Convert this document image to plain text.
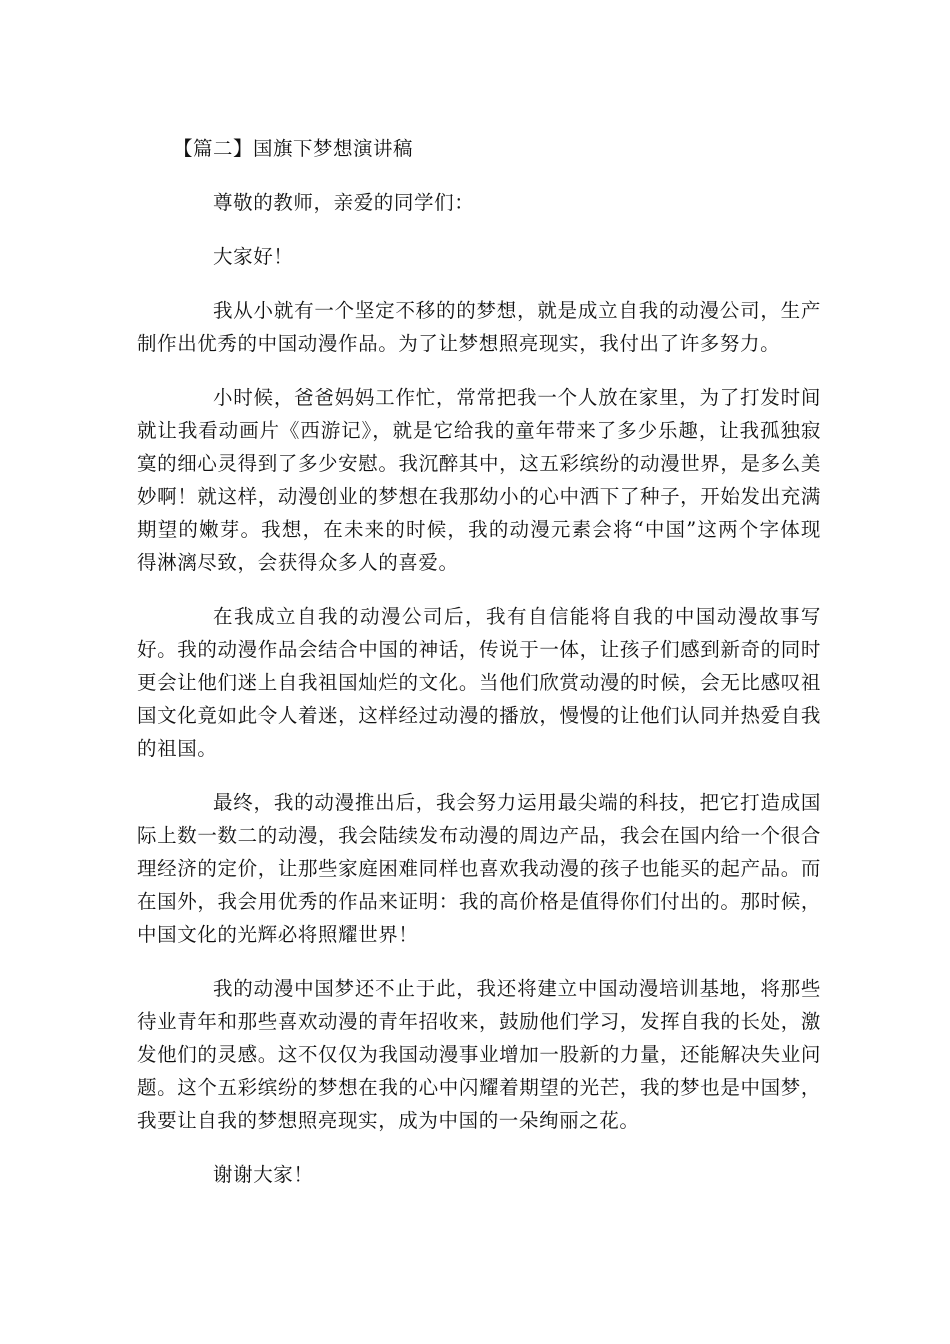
【篇二】国旗下梦想演讲稿

尊敬的教师，亲爱的同学们：

大家好！

我从小就有一个坚定不移的的梦想，就是成立自我的动漫公司，生产制作出优秀的中国动漫作品。为了让梦想照亮现实，我付出了许多努力。

小时候，爸爸妈妈工作忙，常常把我一个人放在家里，为了打发时间就让我看动画片《西游记》，就是它给我的童年带来了多少乐趣，让我孤独寂寞的细心灵得到了多少安慰。我沉醉其中，这五彩缤纷的动漫世界，是多么美妙啊！就这样，动漫创业的梦想在我那幼小的心中洒下了种子，开始发出充满期望的嫩芽。我想，在未来的时候，我的动漫元素会将“中国”这两个字体现得淋漓尽致，会获得众多人的喜爱。

在我成立自我的动漫公司后，我有自信能将自我的中国动漫故事写好。我的动漫作品会结合中国的神话，传说于一体，让孩子们感到新奇的同时更会让他们迷上自我祖国灿烂的文化。当他们欣赏动漫的时候，会无比感叹祖国文化竟如此令人着迷，这样经过动漫的播放，慢慢的让他们认同并热爱自我的祖国。

最终，我的动漫推出后，我会努力运用最尖端的科技，把它打造成国际上数一数二的动漫，我会陆续发布动漫的周边产品，我会在国内给一个很合理经济的定价，让那些家庭困难同样也喜欢我动漫的孩子也能买的起产品。而在国外，我会用优秀的作品来证明：我的高价格是值得你们付出的。那时候，中国文化的光辉必将照耀世界！

我的动漫中国梦还不止于此，我还将建立中国动漫培训基地，将那些待业青年和那些喜欢动漫的青年招收来，鼓励他们学习，发挥自我的长处，激发他们的灵感。这不仅仅为我国动漫事业增加一股新的力量，还能解决失业问题。这个五彩缤纷的梦想在我的心中闪耀着期望的光芒，我的梦也是中国梦，我要让自我的梦想照亮现实，成为中国的一朵绚丽之花。

谢谢大家！
